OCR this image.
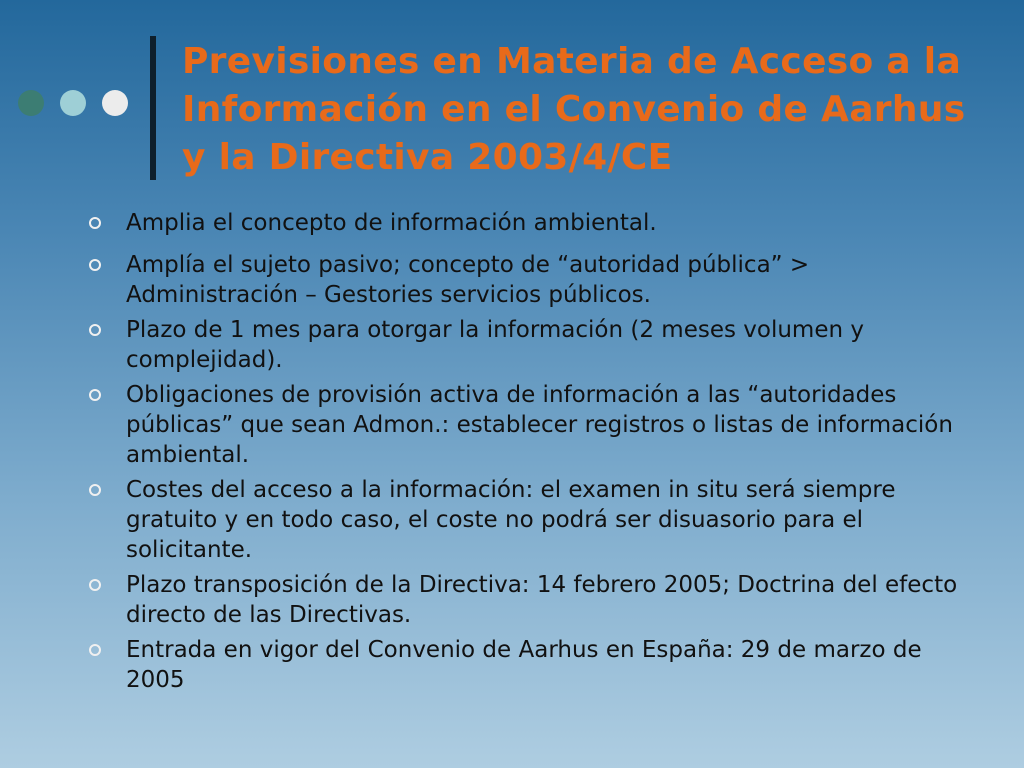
Previsiones en Materia de Acceso a la Información en el Convenio de Aarhus y la Directiva 2003/4/CE
Amplia el concepto de información ambiental.
Amplía el sujeto pasivo; concepto de “autoridad pública” > Administración – Gestories servicios públicos.
Plazo de 1 mes para otorgar la información (2 meses volumen y complejidad).
Obligaciones de provisión activa de información a las “autoridades públicas” que sean Admon.: establecer registros o listas de información ambiental.
Costes del acceso a la información: el examen in situ será siempre gratuito y en todo caso, el coste no podrá ser disuasorio para el solicitante.
Plazo transposición de la Directiva: 14 febrero 2005; Doctrina del efecto directo de las Directivas.
Entrada en vigor del Convenio de Aarhus en España: 29 de marzo de 2005
